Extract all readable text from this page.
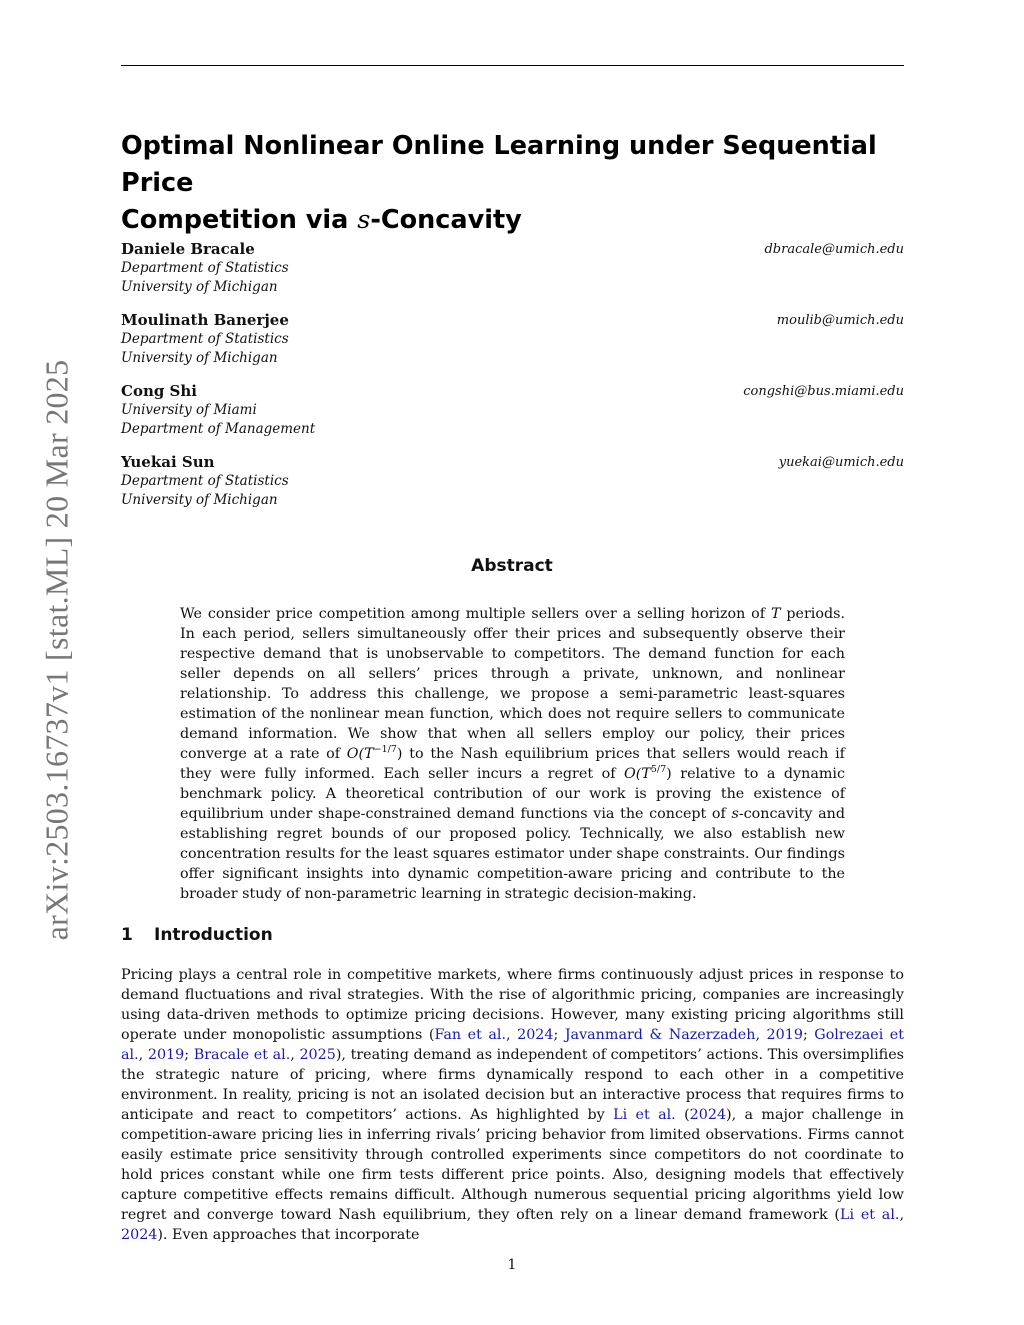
arXiv:2503.16737v1 [stat.ML] 20 Mar 2025
Optimal Nonlinear Online Learning under Sequential Price
Competition via s-Concavity
Daniele Bracale	dbracale@umich.edu
Department of Statistics
University of Michigan
Moulinath Banerjee	moulib@umich.edu
Department of Statistics
University of Michigan
Cong Shi	congshi@bus.miami.edu
University of Miami
Department of Management
Yuekai Sun	yuekai@umich.edu
Department of Statistics
University of Michigan
Abstract

We consider price competition among multiple sellers over a selling horizon of T periods. In each period, sellers simultaneously offer their prices and subsequently observe their respective demand that is unobservable to competitors. The demand function for each seller depends on all sellers’ prices through a private, unknown, and nonlinear relationship. To address this challenge, we propose a semi-parametric least-squares estimation of the nonlinear mean function, which does not require sellers to communicate demand information. We show that when all sellers employ our policy, their prices converge at a rate of $O(T^{-1/7})$ to the Nash equilibrium prices that sellers would reach if they were fully informed. Each seller incurs a regret of $O(T^{5/7})$ relative to a dynamic benchmark policy. A theoretical contribution of our work is proving the existence of equilibrium under shape-constrained demand functions via the concept of s-concavity and establishing regret bounds of our proposed policy. Technically, we also establish new concentration results for the least squares estimator under shape constraints. Our findings offer significant insights into dynamic competition-aware pricing and contribute to the broader study of non-parametric learning in strategic decision-making.

1 Introduction

Pricing plays a central role in competitive markets, where firms continuously adjust prices in response to demand fluctuations and rival strategies. With the rise of algorithmic pricing, companies are increasingly using data-driven methods to optimize pricing decisions. However, many existing pricing algorithms still operate under monopolistic assumptions (Fan et al., 2024; Javanmard & Nazerzadeh, 2019; Golrezaei et al., 2019; Bracale et al., 2025), treating demand as independent of competitors’ actions. This oversimplifies the strategic nature of pricing, where firms dynamically respond to each other in a competitive environment. In reality, pricing is not an isolated decision but an interactive process that requires firms to anticipate and react to competitors’ actions. As highlighted by Li et al. (2024), a major challenge in competition-aware pricing lies in inferring rivals’ pricing behavior from limited observations. Firms cannot easily estimate price sensitivity through controlled experiments since competitors do not coordinate to hold prices constant while one firm tests different price points. Also, designing models that effectively capture competitive effects remains difficult. Although numerous sequential pricing algorithms yield low regret and converge toward Nash equilibrium, they often rely on a linear demand framework (Li et al., 2024). Even approaches that incorporate

1
